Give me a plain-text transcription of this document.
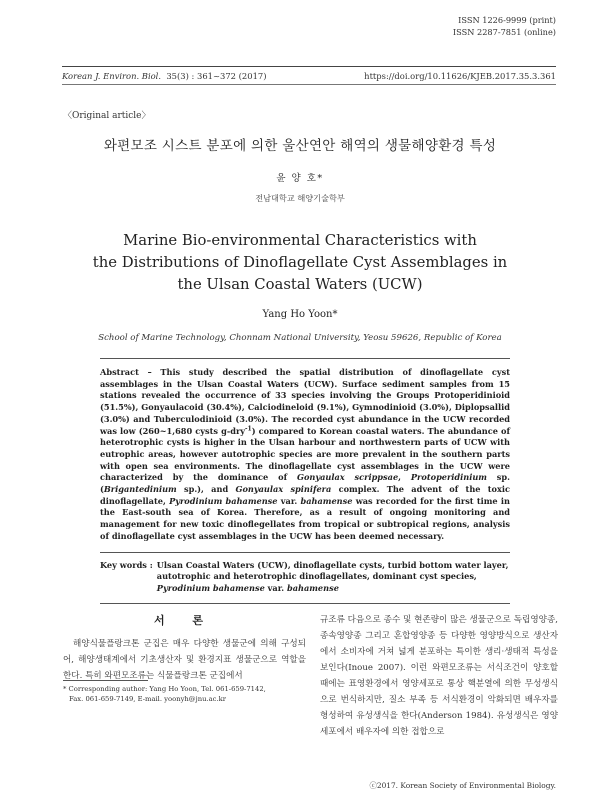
ISSN 1226-9999 (print)
ISSN 2287-7851 (online)
Korean J. Environ. Biol. 35(3) : 361~372 (2017)	https://doi.org/10.11626/KJEB.2017.35.3.361
〈Original article〉
와편모조 시스트 분포에 의한 울산연안 해역의 생물해양환경 특성
윤 양 호*
전남대학교 해양기술학부
Marine Bio-environmental Characteristics with
the Distributions of Dinoflagellate Cyst Assemblages in
the Ulsan Coastal Waters (UCW)
Yang Ho Yoon*
School of Marine Technology, Chonnam National University, Yeosu 59626, Republic of Korea
Abstract – This study described the spatial distribution of dinoflagellate cyst assemblages in the Ulsan Coastal Waters (UCW). Surface sediment samples from 15 stations revealed the occurrence of 33 species involving the Groups Protoperidinioid (51.5%), Gonyaulacoid (30.4%), Calciodineloid (9.1%), Gymnodinioid (3.0%), Diplopsallid (3.0%) and Tuberculodinioid (3.0%). The recorded cyst abundance in the UCW recorded was low (260~1,680 cysts g-dry$^{-1}$) compared to Korean coastal waters. The abundance of heterotrophic cysts is higher in the Ulsan harbour and northwestern parts of UCW with eutrophic areas, however autotrophic species are more prevalent in the southern parts with open sea environments. The dinoflagellate cyst assemblages in the UCW were characterized by the dominance of Gonyaulax scrippsae, Protoperidinium sp. (Brigantedinium sp.), and Gonyaulax spinifera complex. The advent of the toxic dinoflagellate, Pyrodinium bahamense var. bahamense was recorded for the first time in the East-south sea of Korea. Therefore, as a result of ongoing monitoring and management for new toxic dinoflegellates from tropical or subtropical regions, analysis of dinoflagellate cyst assemblages in the UCW has been deemed necessary.
Key words : Ulsan Coastal Waters (UCW), dinoflagellate cysts, turbid bottom water layer, autotrophic and heterotrophic dinoflagellates, dominant cyst species, Pyrodinium bahamense var. bahamense
서 론

해양식물플랑크톤 군집은 매우 다양한 생물군에 의해 구성되어, 해양생태계에서 기초생산자 및 환경지표 생물군으로 역할을 한다. 특히 와편모조류는 식물플랑크톤 군집에서

규조류 다음으로 종수 및 현존량이 많은 생물군으로 독립영양종, 종속영양종 그리고 혼합영양종 등 다양한 영양방식으로 생산자에서 소비자에 거쳐 넓게 분포하는 특이한 생리·생태적 특성을 보인다(Inoue 2007). 이런 와편모조류는 서식조건이 양호할 때에는 표영환경에서 영양세포로 통상 핵분열에 의한 무성생식으로 번식하지만, 질소 부족 등 서식환경이 악화되면 배우자를 형성하여 유성생식을 한다(Anderson 1984). 유성생식은 영양세포에서 배우자에 의한 접합으로

* Corresponding author: Yang Ho Yoon, Tel. 061-659-7142,
Fax. 061-659-7149, E-mail. yoonyh@jnu.ac.kr
ⓒ2017. Korean Society of Environmental Biology.
